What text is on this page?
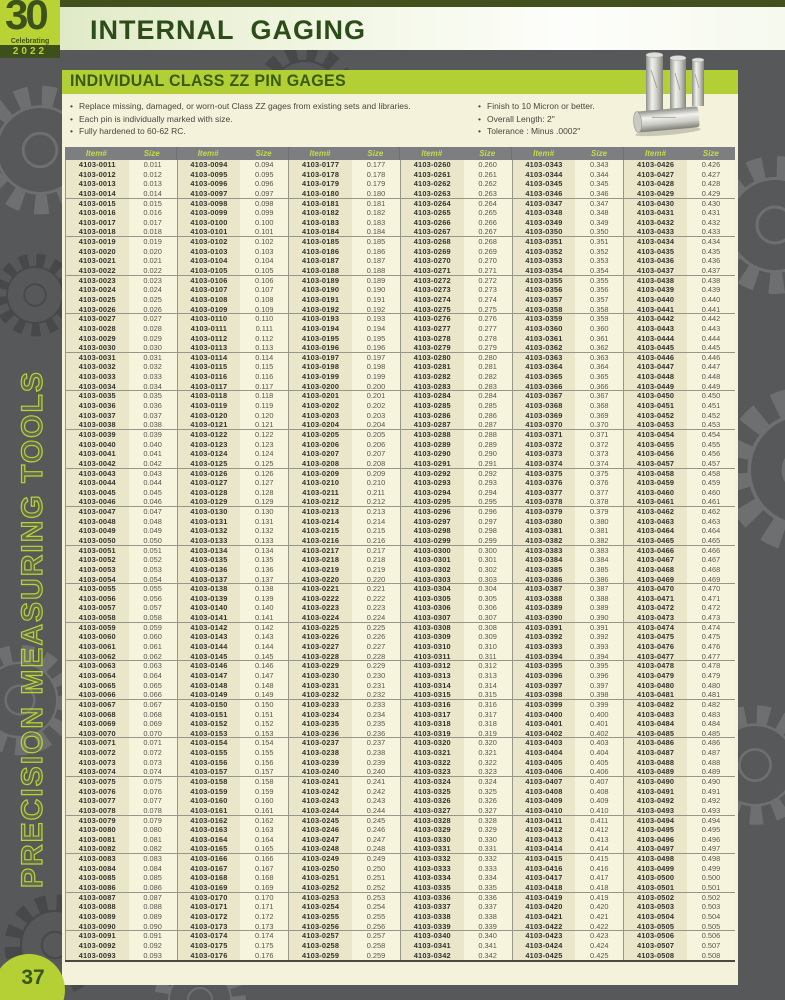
INTERNAL GAGING
30
Celebrating
2022
PRECISION MEASURING TOOLS
37
INDIVIDUAL CLASS ZZ PIN GAGES
• Replace missing, damaged, or worn-out Class ZZ gages from existing sets and libraries.
• Each pin is individually marked with size.
• Fully hardened to 60-62 RC.
• Finish to 10 Micron or better.
• Overall Length: 2"
• Tolerance : Minus .0002"
Item#	Size	Item#	Size	Item#	Size	Item#	Size	Item#	Size	Item#	Size
4103-0011	0.011	4103-0094	0.094	4103-0177	0.177	4103-0260	0.260	4103-0343	0.343	4103-0426	0.426
4103-0012	0.012	4103-0095	0.095	4103-0178	0.178	4103-0261	0.261	4103-0344	0.344	4103-0427	0.427
4103-0013	0.013	4103-0096	0.096	4103-0179	0.179	4103-0262	0.262	4103-0345	0.345	4103-0428	0.428
4103-0014	0.014	4103-0097	0.097	4103-0180	0.180	4103-0263	0.263	4103-0346	0.346	4103-0429	0.429
4103-0015	0.015	4103-0098	0.098	4103-0181	0.181	4103-0264	0.264	4103-0347	0.347	4103-0430	0.430
4103-0016	0.016	4103-0099	0.099	4103-0182	0.182	4103-0265	0.265	4103-0348	0.348	4103-0431	0.431
4103-0017	0.017	4103-0100	0.100	4103-0183	0.183	4103-0266	0.266	4103-0349	0.349	4103-0432	0.432
4103-0018	0.018	4103-0101	0.101	4103-0184	0.184	4103-0267	0.267	4103-0350	0.350	4103-0433	0.433
4103-0019	0.019	4103-0102	0.102	4103-0185	0.185	4103-0268	0.268	4103-0351	0.351	4103-0434	0.434
4103-0020	0.020	4103-0103	0.103	4103-0186	0.186	4103-0269	0.269	4103-0352	0.352	4103-0435	0.435
4103-0021	0.021	4103-0104	0.104	4103-0187	0.187	4103-0270	0.270	4103-0353	0.353	4103-0436	0.436
4103-0022	0.022	4103-0105	0.105	4103-0188	0.188	4103-0271	0.271	4103-0354	0.354	4103-0437	0.437
4103-0023	0.023	4103-0106	0.106	4103-0189	0.189	4103-0272	0.272	4103-0355	0.355	4103-0438	0.438
4103-0024	0.024	4103-0107	0.107	4103-0190	0.190	4103-0273	0.273	4103-0356	0.356	4103-0439	0.439
4103-0025	0.025	4103-0108	0.108	4103-0191	0.191	4103-0274	0.274	4103-0357	0.357	4103-0440	0.440
4103-0026	0.026	4103-0109	0.109	4103-0192	0.192	4103-0275	0.275	4103-0358	0.358	4103-0441	0.441
4103-0027	0.027	4103-0110	0.110	4103-0193	0.193	4103-0276	0.276	4103-0359	0.359	4103-0442	0.442
4103-0028	0.028	4103-0111	0.111	4103-0194	0.194	4103-0277	0.277	4103-0360	0.360	4103-0443	0.443
4103-0029	0.029	4103-0112	0.112	4103-0195	0.195	4103-0278	0.278	4103-0361	0.361	4103-0444	0.444
4103-0030	0.030	4103-0113	0.113	4103-0196	0.196	4103-0279	0.279	4103-0362	0.362	4103-0445	0.445
4103-0031	0.031	4103-0114	0.114	4103-0197	0.197	4103-0280	0.280	4103-0363	0.363	4103-0446	0.446
4103-0032	0.032	4103-0115	0.115	4103-0198	0.198	4103-0281	0.281	4103-0364	0.364	4103-0447	0.447
4103-0033	0.033	4103-0116	0.116	4103-0199	0.199	4103-0282	0.282	4103-0365	0.365	4103-0448	0.448
4103-0034	0.034	4103-0117	0.117	4103-0200	0.200	4103-0283	0.283	4103-0366	0.366	4103-0449	0.449
4103-0035	0.035	4103-0118	0.118	4103-0201	0.201	4103-0284	0.284	4103-0367	0.367	4103-0450	0.450
4103-0036	0.036	4103-0119	0.119	4103-0202	0.202	4103-0285	0.285	4103-0368	0.368	4103-0451	0.451
4103-0037	0.037	4103-0120	0.120	4103-0203	0.203	4103-0286	0.286	4103-0369	0.369	4103-0452	0.452
4103-0038	0.038	4103-0121	0.121	4103-0204	0.204	4103-0287	0.287	4103-0370	0.370	4103-0453	0.453
4103-0039	0.039	4103-0122	0.122	4103-0205	0.205	4103-0288	0.288	4103-0371	0.371	4103-0454	0.454
4103-0040	0.040	4103-0123	0.123	4103-0206	0.206	4103-0289	0.289	4103-0372	0.372	4103-0455	0.455
4103-0041	0.041	4103-0124	0.124	4103-0207	0.207	4103-0290	0.290	4103-0373	0.373	4103-0456	0.456
4103-0042	0.042	4103-0125	0.125	4103-0208	0.208	4103-0291	0.291	4103-0374	0.374	4103-0457	0.457
4103-0043	0.043	4103-0126	0.126	4103-0209	0.209	4103-0292	0.292	4103-0375	0.375	4103-0458	0.458
4103-0044	0.044	4103-0127	0.127	4103-0210	0.210	4103-0293	0.293	4103-0376	0.376	4103-0459	0.459
4103-0045	0.045	4103-0128	0.128	4103-0211	0.211	4103-0294	0.294	4103-0377	0.377	4103-0460	0.460
4103-0046	0.046	4103-0129	0.129	4103-0212	0.212	4103-0295	0.295	4103-0378	0.378	4103-0461	0.461
4103-0047	0.047	4103-0130	0.130	4103-0213	0.213	4103-0296	0.296	4103-0379	0.379	4103-0462	0.462
4103-0048	0.048	4103-0131	0.131	4103-0214	0.214	4103-0297	0.297	4103-0380	0.380	4103-0463	0.463
4103-0049	0.049	4103-0132	0.132	4103-0215	0.215	4103-0298	0.298	4103-0381	0.381	4103-0464	0.464
4103-0050	0.050	4103-0133	0.133	4103-0216	0.216	4103-0299	0.299	4103-0382	0.382	4103-0465	0.465
4103-0051	0.051	4103-0134	0.134	4103-0217	0.217	4103-0300	0.300	4103-0383	0.383	4103-0466	0.466
4103-0052	0.052	4103-0135	0.135	4103-0218	0.218	4103-0301	0.301	4103-0384	0.384	4103-0467	0.467
4103-0053	0.053	4103-0136	0.136	4103-0219	0.219	4103-0302	0.302	4103-0385	0.385	4103-0468	0.468
4103-0054	0.054	4103-0137	0.137	4103-0220	0.220	4103-0303	0.303	4103-0386	0.386	4103-0469	0.469
4103-0055	0.055	4103-0138	0.138	4103-0221	0.221	4103-0304	0.304	4103-0387	0.387	4103-0470	0.470
4103-0056	0.056	4103-0139	0.139	4103-0222	0.222	4103-0305	0.305	4103-0388	0.388	4103-0471	0.471
4103-0057	0.057	4103-0140	0.140	4103-0223	0.223	4103-0306	0.306	4103-0389	0.389	4103-0472	0.472
4103-0058	0.058	4103-0141	0.141	4103-0224	0.224	4103-0307	0.307	4103-0390	0.390	4103-0473	0.473
4103-0059	0.059	4103-0142	0.142	4103-0225	0.225	4103-0308	0.308	4103-0391	0.391	4103-0474	0.474
4103-0060	0.060	4103-0143	0.143	4103-0226	0.226	4103-0309	0.309	4103-0392	0.392	4103-0475	0.475
4103-0061	0.061	4103-0144	0.144	4103-0227	0.227	4103-0310	0.310	4103-0393	0.393	4103-0476	0.476
4103-0062	0.062	4103-0145	0.145	4103-0228	0.228	4103-0311	0.311	4103-0394	0.394	4103-0477	0.477
4103-0063	0.063	4103-0146	0.146	4103-0229	0.229	4103-0312	0.312	4103-0395	0.395	4103-0478	0.478
4103-0064	0.064	4103-0147	0.147	4103-0230	0.230	4103-0313	0.313	4103-0396	0.396	4103-0479	0.479
4103-0065	0.065	4103-0148	0.148	4103-0231	0.231	4103-0314	0.314	4103-0397	0.397	4103-0480	0.480
4103-0066	0.066	4103-0149	0.149	4103-0232	0.232	4103-0315	0.315	4103-0398	0.398	4103-0481	0.481
4103-0067	0.067	4103-0150	0.150	4103-0233	0.233	4103-0316	0.316	4103-0399	0.399	4103-0482	0.482
4103-0068	0.068	4103-0151	0.151	4103-0234	0.234	4103-0317	0.317	4103-0400	0.400	4103-0483	0.483
4103-0069	0.069	4103-0152	0.152	4103-0235	0.235	4103-0318	0.318	4103-0401	0.401	4103-0484	0.484
4103-0070	0.070	4103-0153	0.153	4103-0236	0.236	4103-0319	0.319	4103-0402	0.402	4103-0485	0.485
4103-0071	0.071	4103-0154	0.154	4103-0237	0.237	4103-0320	0.320	4103-0403	0.403	4103-0486	0.486
4103-0072	0.072	4103-0155	0.155	4103-0238	0.238	4103-0321	0.321	4103-0404	0.404	4103-0487	0.487
4103-0073	0.073	4103-0156	0.156	4103-0239	0.239	4103-0322	0.322	4103-0405	0.405	4103-0488	0.488
4103-0074	0.074	4103-0157	0.157	4103-0240	0.240	4103-0323	0.323	4103-0406	0.406	4103-0489	0.489
4103-0075	0.075	4103-0158	0.158	4103-0241	0.241	4103-0324	0.324	4103-0407	0.407	4103-0490	0.490
4103-0076	0.076	4103-0159	0.159	4103-0242	0.242	4103-0325	0.325	4103-0408	0.408	4103-0491	0.491
4103-0077	0.077	4103-0160	0.160	4103-0243	0.243	4103-0326	0.326	4103-0409	0.409	4103-0492	0.492
4103-0078	0.078	4103-0161	0.161	4103-0244	0.244	4103-0327	0.327	4103-0410	0.410	4103-0493	0.493
4103-0079	0.079	4103-0162	0.162	4103-0245	0.245	4103-0328	0.328	4103-0411	0.411	4103-0494	0.494
4103-0080	0.080	4103-0163	0.163	4103-0246	0.246	4103-0329	0.329	4103-0412	0.412	4103-0495	0.495
4103-0081	0.081	4103-0164	0.164	4103-0247	0.247	4103-0330	0.330	4103-0413	0.413	4103-0496	0.496
4103-0082	0.082	4103-0165	0.165	4103-0248	0.248	4103-0331	0.331	4103-0414	0.414	4103-0497	0.497
4103-0083	0.083	4103-0166	0.166	4103-0249	0.249	4103-0332	0.332	4103-0415	0.415	4103-0498	0.498
4103-0084	0.084	4103-0167	0.167	4103-0250	0.250	4103-0333	0.333	4103-0416	0.416	4103-0499	0.499
4103-0085	0.085	4103-0168	0.168	4103-0251	0.251	4103-0334	0.334	4103-0417	0.417	4103-0500	0.500
4103-0086	0.086	4103-0169	0.169	4103-0252	0.252	4103-0335	0.335	4103-0418	0.418	4103-0501	0.501
4103-0087	0.087	4103-0170	0.170	4103-0253	0.253	4103-0336	0.336	4103-0419	0.419	4103-0502	0.502
4103-0088	0.088	4103-0171	0.171	4103-0254	0.254	4103-0337	0.337	4103-0420	0.420	4103-0503	0.503
4103-0089	0.089	4103-0172	0.172	4103-0255	0.255	4103-0338	0.338	4103-0421	0.421	4103-0504	0.504
4103-0090	0.090	4103-0173	0.173	4103-0256	0.256	4103-0339	0.339	4103-0422	0.422	4103-0505	0.505
4103-0091	0.091	4103-0174	0.174	4103-0257	0.257	4103-0340	0.340	4103-0423	0.423	4103-0506	0.506
4103-0092	0.092	4103-0175	0.175	4103-0258	0.258	4103-0341	0.341	4103-0424	0.424	4103-0507	0.507
4103-0093	0.093	4103-0176	0.176	4103-0259	0.259	4103-0342	0.342	4103-0425	0.425	4103-0508	0.508
